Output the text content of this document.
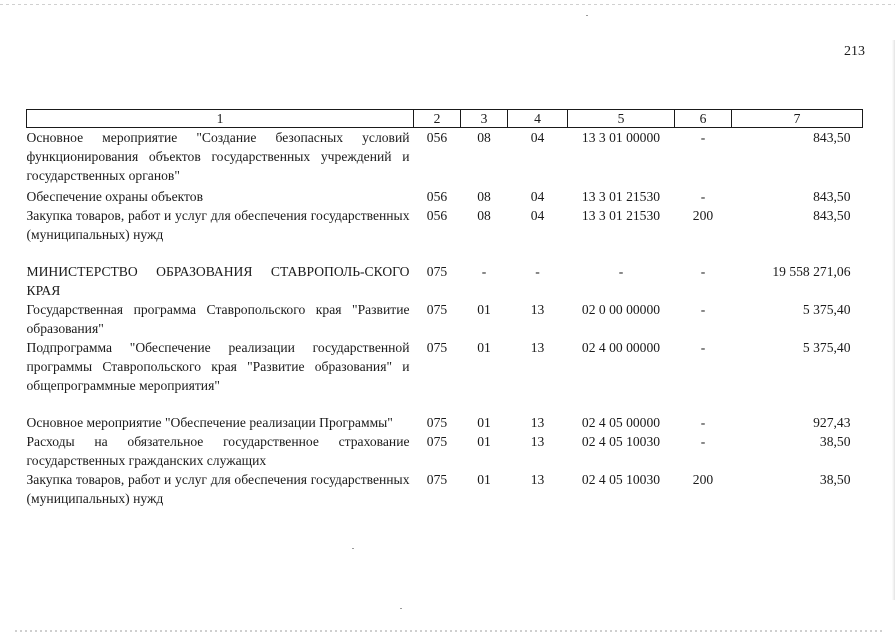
213
1	2	3	4	5	6	7
Основное мероприятие "Создание безопасных условий функционирования объектов государственных учреждений и государственных органов"	056	08	04	13 3 01 00000	-	843,50
Обеспечение охраны объектов	056	08	04	13 3 01 21530	-	843,50
Закупка товаров, работ и услуг для обеспечения государственных (муниципальных) нужд	056	08	04	13 3 01 21530	200	843,50
МИНИСТЕРСТВО ОБРАЗОВАНИЯ СТАВРОПОЛЬ-СКОГО КРАЯ	075	-	-	-	-	19 558 271,06
Государственная программа Ставропольского края "Развитие образования"	075	01	13	02 0 00 00000	-	5 375,40
Подпрограмма "Обеспечение реализации государственной программы Ставропольского края "Развитие образования" и общепрограммные мероприятия"	075	01	13	02 4 00 00000	-	5 375,40
Основное мероприятие "Обеспечение реализации Программы"	075	01	13	02 4 05 00000	-	927,43
Расходы на обязательное государственное страхование государственных гражданских служащих	075	01	13	02 4 05 10030	-	38,50
Закупка товаров, работ и услуг для обеспечения государственных (муниципальных) нужд	075	01	13	02 4 05 10030	200	38,50
